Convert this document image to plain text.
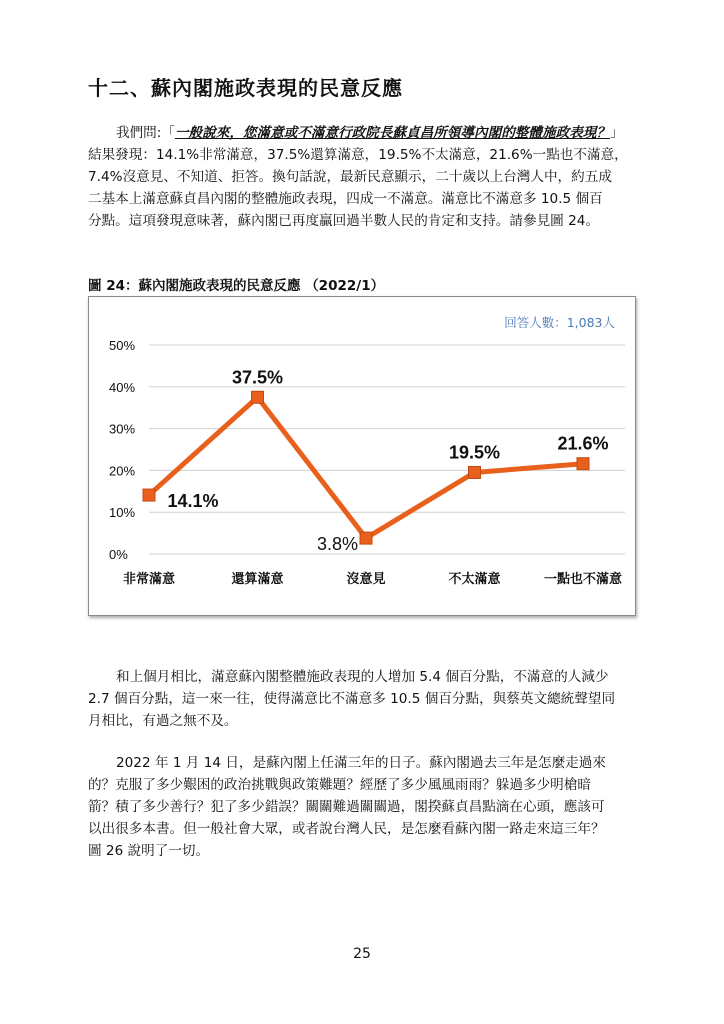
十二、蘇內閣施政表現的民意反應
我們問:「一般說來，您滿意或不滿意行政院長蘇貞昌所領導內閣的整體施政表現？」
結果發現：14.1%非常滿意，37.5%還算滿意，19.5%不太滿意，21.6%一點也不滿意，
7.4%沒意見、不知道、拒答。換句話說，最新民意顯示，二十歲以上台灣人中，約五成
二基本上滿意蘇貞昌內閣的整體施政表現，四成一不滿意。滿意比不滿意多 10.5 個百
分點。這項發現意味著，蘇內閣已再度贏回過半數人民的肯定和支持。請參見圖 24。
圖 24：蘇內閣施政表現的民意反應 （2022/1）
0%
10%
20%
30%
40%
50%
非常滿意	還算滿意	沒意見	不太滿意	一點也不滿意
14.1%
37.5%
3.8%
19.5%	21.6%
回答人數：1,083人
和上個月相比，滿意蘇內閣整體施政表現的人增加 5.4 個百分點，不滿意的人減少
2.7 個百分點，這一來一往，使得滿意比不滿意多 10.5 個百分點，與蔡英文總統聲望同
月相比，有過之無不及。
2022 年 1 月 14 日，是蘇內閣上任滿三年的日子。蘇內閣過去三年是怎麼走過來
的？克服了多少艱困的政治挑戰與政策難題？經歷了多少風風雨雨？躲過多少明槍暗
箭？積了多少善行？犯了多少錯誤？關關難過關關過，閣揆蘇貞昌點滴在心頭，應該可
以出很多本書。但一般社會大眾，或者說台灣人民，是怎麼看蘇內閣一路走來這三年？
圖 26 說明了一切。
25
